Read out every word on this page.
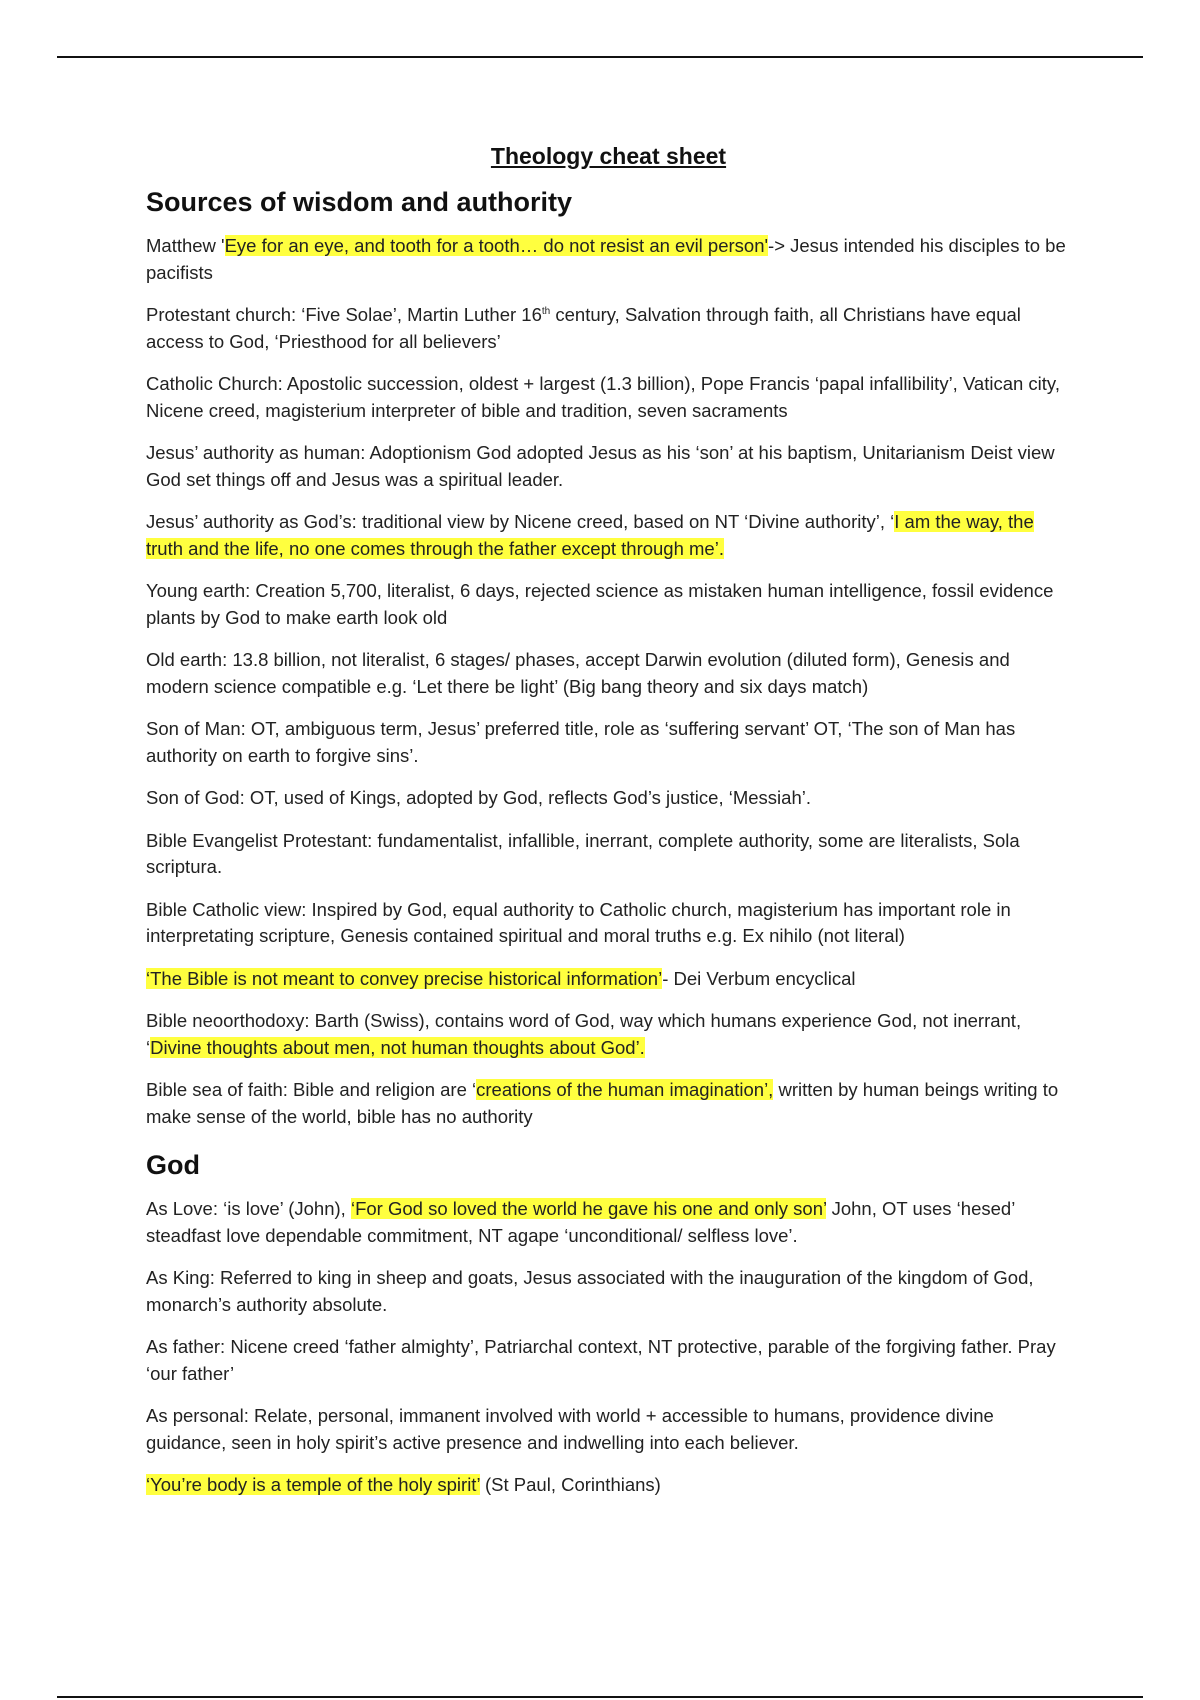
Theology cheat sheet
Sources of wisdom and authority

Matthew 'Eye for an eye, and tooth for a tooth… do not resist an evil person'-> Jesus intended his disciples to be pacifists

Protestant church: ‘Five Solae’, Martin Luther 16th century, Salvation through faith, all Christians have equal access to God, ‘Priesthood for all believers’

Catholic Church: Apostolic succession, oldest + largest (1.3 billion), Pope Francis ‘papal infallibility’, Vatican city, Nicene creed, magisterium interpreter of bible and tradition, seven sacraments

Jesus’ authority as human: Adoptionism God adopted Jesus as his ‘son’ at his baptism, Unitarianism Deist view God set things off and Jesus was a spiritual leader.

Jesus’ authority as God’s: traditional view by Nicene creed, based on NT ‘Divine authority’, ‘I am the way, the truth and the life, no one comes through the father except through me’.

Young earth: Creation 5,700, literalist, 6 days, rejected science as mistaken human intelligence, fossil evidence plants by God to make earth look old

Old earth: 13.8 billion, not literalist, 6 stages/ phases, accept Darwin evolution (diluted form), Genesis and modern science compatible e.g. ‘Let there be light’ (Big bang theory and six days match)

Son of Man: OT, ambiguous term, Jesus’ preferred title, role as ‘suffering servant’ OT, ‘The son of Man has authority on earth to forgive sins’.

Son of God: OT, used of Kings, adopted by God, reflects God’s justice, ‘Messiah’.

Bible Evangelist Protestant: fundamentalist, infallible, inerrant, complete authority, some are literalists, Sola scriptura.

Bible Catholic view: Inspired by God, equal authority to Catholic church, magisterium has important role in interpretating scripture, Genesis contained spiritual and moral truths e.g. Ex nihilo (not literal)

‘The Bible is not meant to convey precise historical information’- Dei Verbum encyclical

Bible neoorthodoxy: Barth (Swiss), contains word of God, way which humans experience God, not inerrant, ‘Divine thoughts about men, not human thoughts about God’.

Bible sea of faith: Bible and religion are ‘creations of the human imagination’, written by human beings writing to make sense of the world, bible has no authority

God

As Love: ‘is love’ (John), ‘For God so loved the world he gave his one and only son’ John, OT uses ‘hesed’ steadfast love dependable commitment, NT agape ‘unconditional/ selfless love’.

As King: Referred to king in sheep and goats, Jesus associated with the inauguration of the kingdom of God, monarch’s authority absolute.

As father: Nicene creed ‘father almighty’, Patriarchal context, NT protective, parable of the forgiving father. Pray ‘our father’

As personal: Relate, personal, immanent involved with world + accessible to humans, providence divine guidance, seen in holy spirit’s active presence and indwelling into each believer.

‘You’re body is a temple of the holy spirit’ (St Paul, Corinthians)
